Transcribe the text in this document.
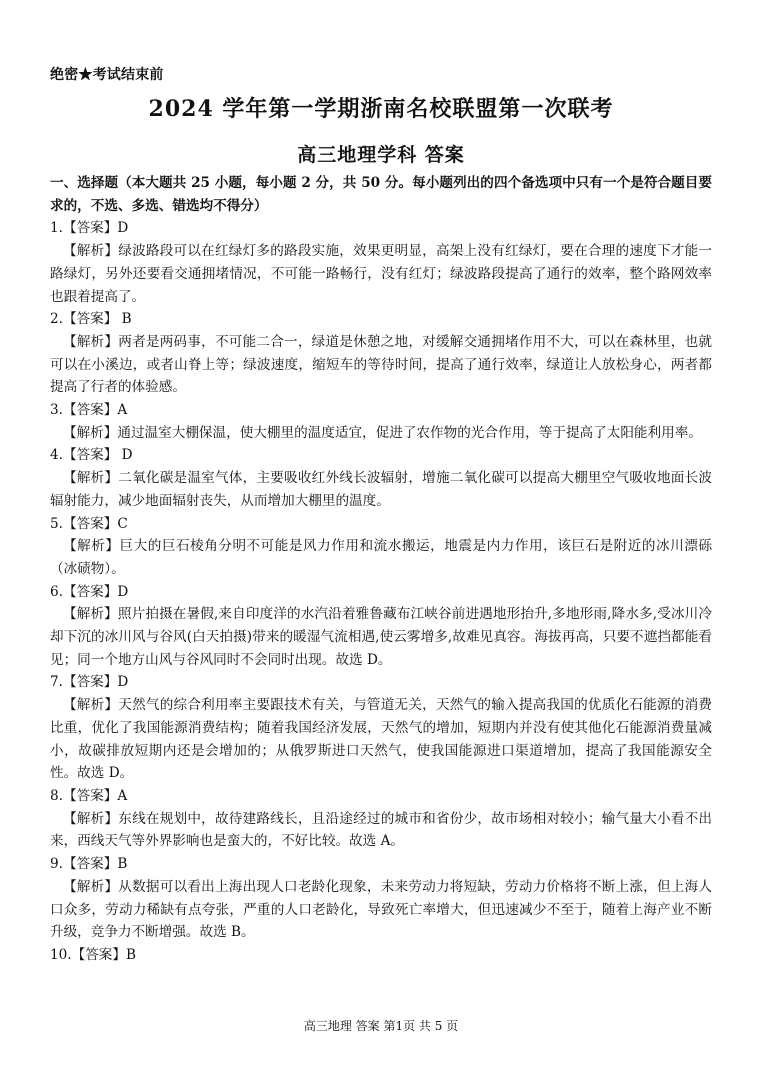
绝密★考试结束前
2024 学年第一学期浙南名校联盟第一次联考
高三地理学科 答案

一、选择题（本大题共 25 小题，每小题 2 分，共 50 分。每小题列出的四个备选项中只有一个是符合题目要求的，不选、多选、错选均不得分）

1.【答案】D

【解析】绿波路段可以在红绿灯多的路段实施，效果更明显，高架上没有红绿灯，要在合理的速度下才能一路绿灯，另外还要看交通拥堵情况，不可能一路畅行，没有红灯；绿波路段提高了通行的效率，整个路网效率也跟着提高了。

2.【答案】 B

【解析】两者是两码事，不可能二合一，绿道是休憩之地，对缓解交通拥堵作用不大，可以在森林里，也就可以在小溪边，或者山脊上等；绿波速度，缩短车的等待时间，提高了通行效率，绿道让人放松身心，两者都提高了行者的体验感。

3.【答案】A

【解析】通过温室大棚保温，使大棚里的温度适宜，促进了农作物的光合作用，等于提高了太阳能利用率。

4.【答案】 D

【解析】二氧化碳是温室气体，主要吸收红外线长波辐射，增施二氧化碳可以提高大棚里空气吸收地面长波辐射能力，减少地面辐射丧失，从而增加大棚里的温度。

5.【答案】C

【解析】巨大的巨石棱角分明不可能是风力作用和流水搬运，地震是内力作用，该巨石是附近的冰川漂砾（冰碛物）。

6.【答案】D

【解析】照片拍摄在暑假,来自印度洋的水汽沿着雅鲁藏布江峡谷前进遇地形抬升,多地形雨,降水多,受冰川冷却下沉的冰川风与谷风(白天拍摄)带来的暖湿气流相遇,使云雾增多,故难见真容。海拔再高，只要不遮挡都能看见；同一个地方山风与谷风同时不会同时出现。故选 D。

7.【答案】D

【解析】天然气的综合利用率主要跟技术有关，与管道无关，天然气的输入提高我国的优质化石能源的消费比重，优化了我国能源消费结构；随着我国经济发展，天然气的增加，短期内并没有使其他化石能源消费量减小，故碳排放短期内还是会增加的；从俄罗斯进口天然气，使我国能源进口渠道增加，提高了我国能源安全性。故选 D。

8.【答案】A

【解析】东线在规划中，故待建路线长，且沿途经过的城市和省份少，故市场相对较小；输气量大小看不出来，西线天气等外界影响也是蛮大的，不好比较。故选 A。

9.【答案】B

【解析】从数据可以看出上海出现人口老龄化现象，未来劳动力将短缺，劳动力价格将不断上涨，但上海人口众多，劳动力稀缺有点夸张，严重的人口老龄化，导致死亡率增大，但迅速减少不至于，随着上海产业不断升级，竞争力不断增强。故选 B。

10.【答案】B

高三地理 答案 第1页 共 5 页
